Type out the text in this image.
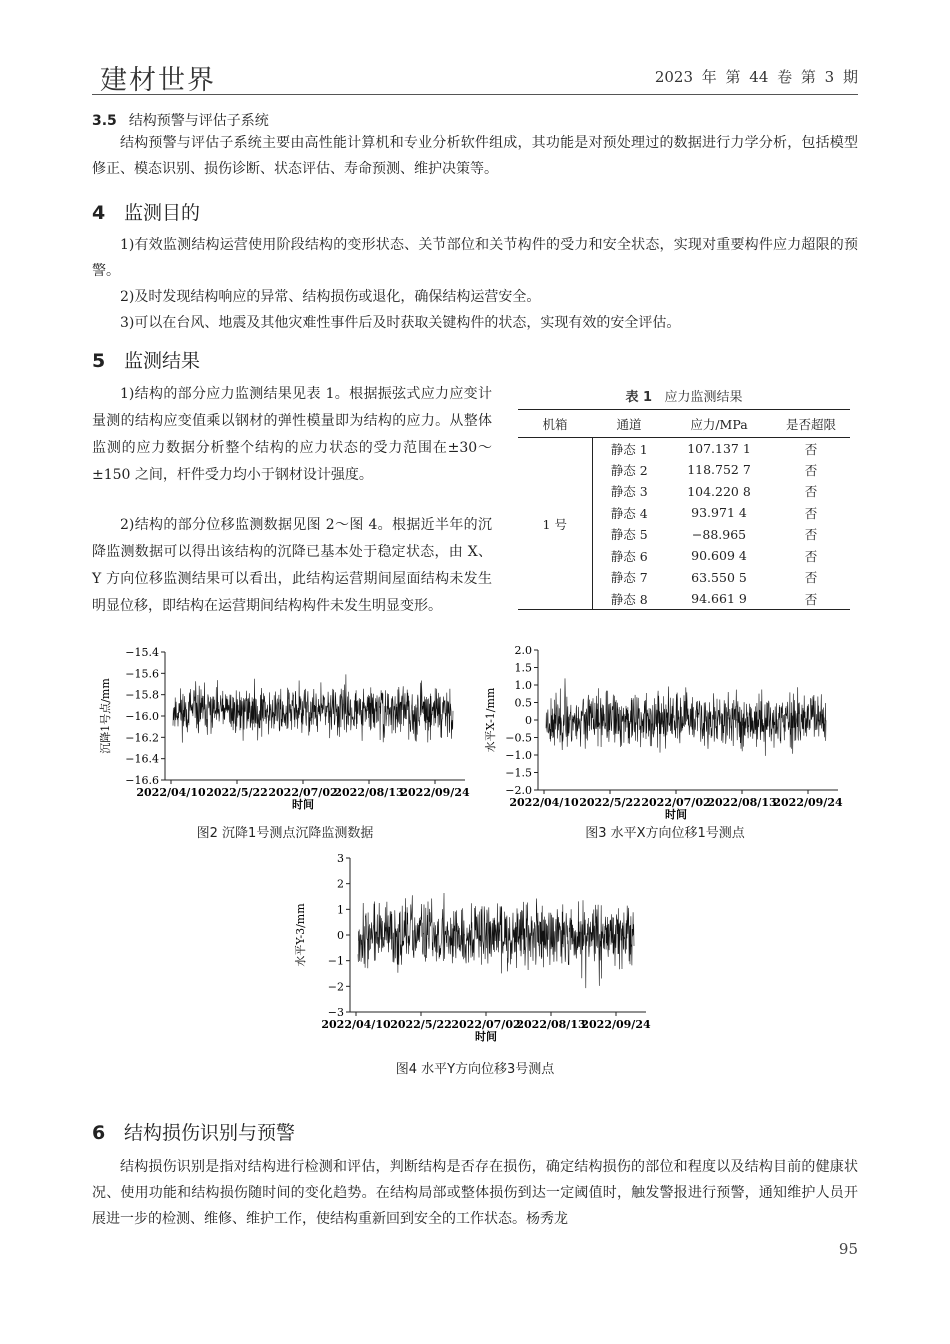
建材世界	2023 年 第 44 卷 第 3 期
3.5 结构预警与评估子系统
结构预警与评估子系统主要由高性能计算机和专业分析软件组成，其功能是对预处理过的数据进行力学分析，包括模型修正、模态识别、损伤诊断、状态评估、寿命预测、维护决策等。
4 监测目的
1)有效监测结构运营使用阶段结构的变形状态、关节部位和关节构件的受力和安全状态，实现对重要构件应力超限的预警。
2)及时发现结构响应的异常、结构损伤或退化，确保结构运营安全。
3)可以在台风、地震及其他灾难性事件后及时获取关键构件的状态，实现有效的安全评估。
5 监测结果
1)结构的部分应力监测结果见表 1。根据振弦式应力应变计量测的结构应变值乘以钢材的弹性模量即为结构的应力。从整体监测的应力数据分析整个结构的应力状态的受力范围在±30～±150 之间，杆件受力均小于钢材设计强度。
2)结构的部分位移监测数据见图 2～图 4。根据近半年的沉降监测数据可以得出该结构的沉降已基本处于稳定状态，由 X、Y 方向位移监测结果可以看出，此结构运营期间屋面结构未发生明显位移，即结构在运营期间结构构件未发生明显变形。
表 1 应力监测结果
机箱	通道	应力/MPa	是否超限
1 号	静态 1	107.137 1	否
	静态 2	118.752 7	否
	静态 3	104.220 8	否
	静态 4	93.971 4	否
	静态 5	−88.965	否
	静态 6	90.609 4	否
	静态 7	63.550 5	否
	静态 8	94.661 9	否
−15.4
−15.6
−15.8
−16.0
−16.2
−16.4
−16.6
2022/04/10 2022/5/22 2022/07/02
2022/08/13
2022/09/24
时间
沉降1号点/mm
图2 沉降1号测点沉降监测数据
2.0
1.5
1.0
0.5
0
−0.5
−1.0
−1.5
−2.0
2022/04/10 2022/5/22 2022/07/02
2022/08/13
2022/09/24
时间
水平X-1/mm
图3 水平X方向位移1号测点
3
2
1
0
−1
−2
−3
2022/04/10 2022/5/22 2022/07/02
2022/08/13
2022/09/24
时间
水平Y-3/mm
图4 水平Y方向位移3号测点
6 结构损伤识别与预警
结构损伤识别是指对结构进行检测和评估，判断结构是否存在损伤，确定结构损伤的部位和程度以及结构目前的健康状况、使用功能和结构损伤随时间的变化趋势。在结构局部或整体损伤到达一定阈值时，触发警报进行预警，通知维护人员开展进一步的检测、维修、维护工作，使结构重新回到安全的工作状态。杨秀龙
95
